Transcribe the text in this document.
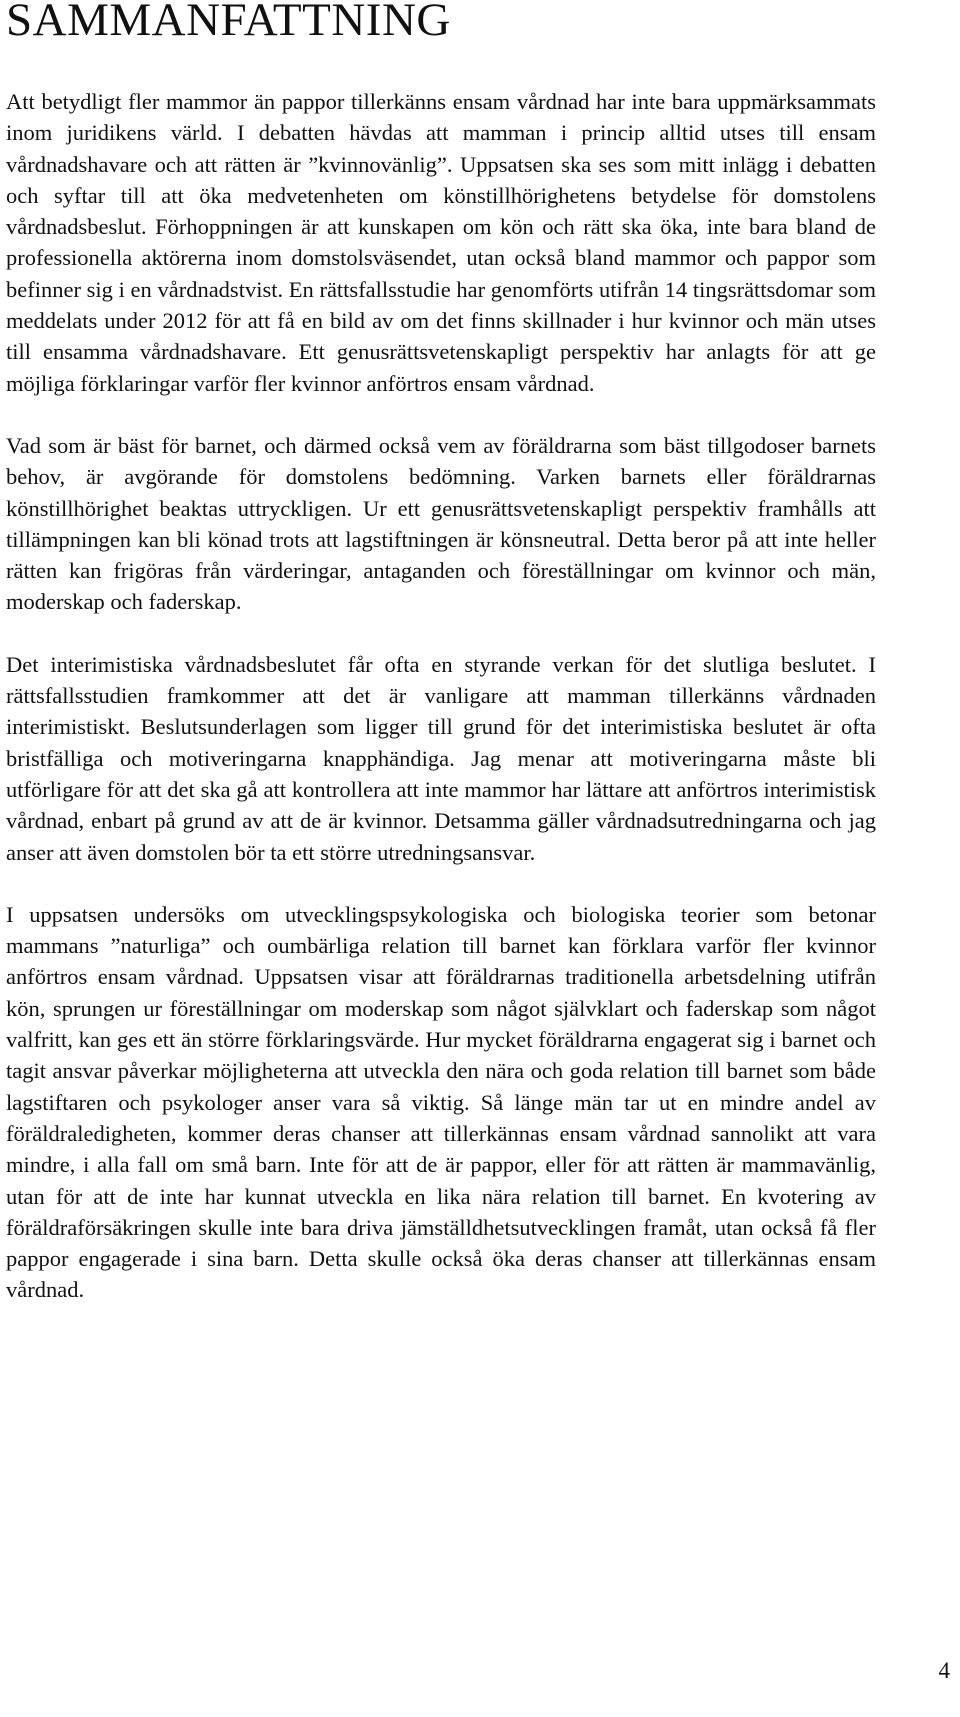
SAMMANFATTNING

Att betydligt fler mammor än pappor tillerkänns ensam vårdnad har inte bara uppmärksammats inom juridikens värld. I debatten hävdas att mamman i princip alltid utses till ensam vårdnadshavare och att rätten är ”kvinnovänlig”. Uppsatsen ska ses som mitt inlägg i debatten och syftar till att öka medvetenheten om könstillhörighetens betydelse för domstolens vårdnadsbeslut. Förhoppningen är att kunskapen om kön och rätt ska öka, inte bara bland de professionella aktörerna inom domstolsväsendet, utan också bland mammor och pappor som befinner sig i en vårdnadstvist. En rättsfallsstudie har genomförts utifrån 14 tingsrättsdomar som meddelats under 2012 för att få en bild av om det finns skillnader i hur kvinnor och män utses till ensamma vårdnadshavare. Ett genusrättsvetenskapligt perspektiv har anlagts för att ge möjliga förklaringar varför fler kvinnor anförtros ensam vårdnad.

Vad som är bäst för barnet, och därmed också vem av föräldrarna som bäst tillgodoser barnets behov, är avgörande för domstolens bedömning. Varken barnets eller föräldrarnas könstillhörighet beaktas uttryckligen. Ur ett genusrättsvetenskapligt perspektiv framhålls att tillämpningen kan bli könad trots att lagstiftningen är könsneutral. Detta beror på att inte heller rätten kan frigöras från värderingar, antaganden och föreställningar om kvinnor och män, moderskap och faderskap.

Det interimistiska vårdnadsbeslutet får ofta en styrande verkan för det slutliga beslutet. I rättsfallsstudien framkommer att det är vanligare att mamman tillerkänns vårdnaden interimistiskt. Beslutsunderlagen som ligger till grund för det interimistiska beslutet är ofta bristfälliga och motiveringarna knapphändiga. Jag menar att motiveringarna måste bli utförligare för att det ska gå att kontrollera att inte mammor har lättare att anförtros interimistisk vårdnad, enbart på grund av att de är kvinnor. Detsamma gäller vårdnadsutredningarna och jag anser att även domstolen bör ta ett större utredningsansvar.

I uppsatsen undersöks om utvecklingspsykologiska och biologiska teorier som betonar mammans ”naturliga” och oumbärliga relation till barnet kan förklara varför fler kvinnor anförtros ensam vårdnad. Uppsatsen visar att föräldrarnas traditionella arbetsdelning utifrån kön, sprungen ur föreställningar om moderskap som något självklart och faderskap som något valfritt, kan ges ett än större förklaringsvärde. Hur mycket föräldrarna engagerat sig i barnet och tagit ansvar påverkar möjligheterna att utveckla den nära och goda relation till barnet som både lagstiftaren och psykologer anser vara så viktig. Så länge män tar ut en mindre andel av föräldraledigheten, kommer deras chanser att tillerkännas ensam vårdnad sannolikt att vara mindre, i alla fall om små barn. Inte för att de är pappor, eller för att rätten är mammavänlig, utan för att de inte har kunnat utveckla en lika nära relation till barnet. En kvotering av föräldraförsäkringen skulle inte bara driva jämställdhetsutvecklingen framåt, utan också få fler pappor engagerade i sina barn. Detta skulle också öka deras chanser att tillerkännas ensam vårdnad.

4
